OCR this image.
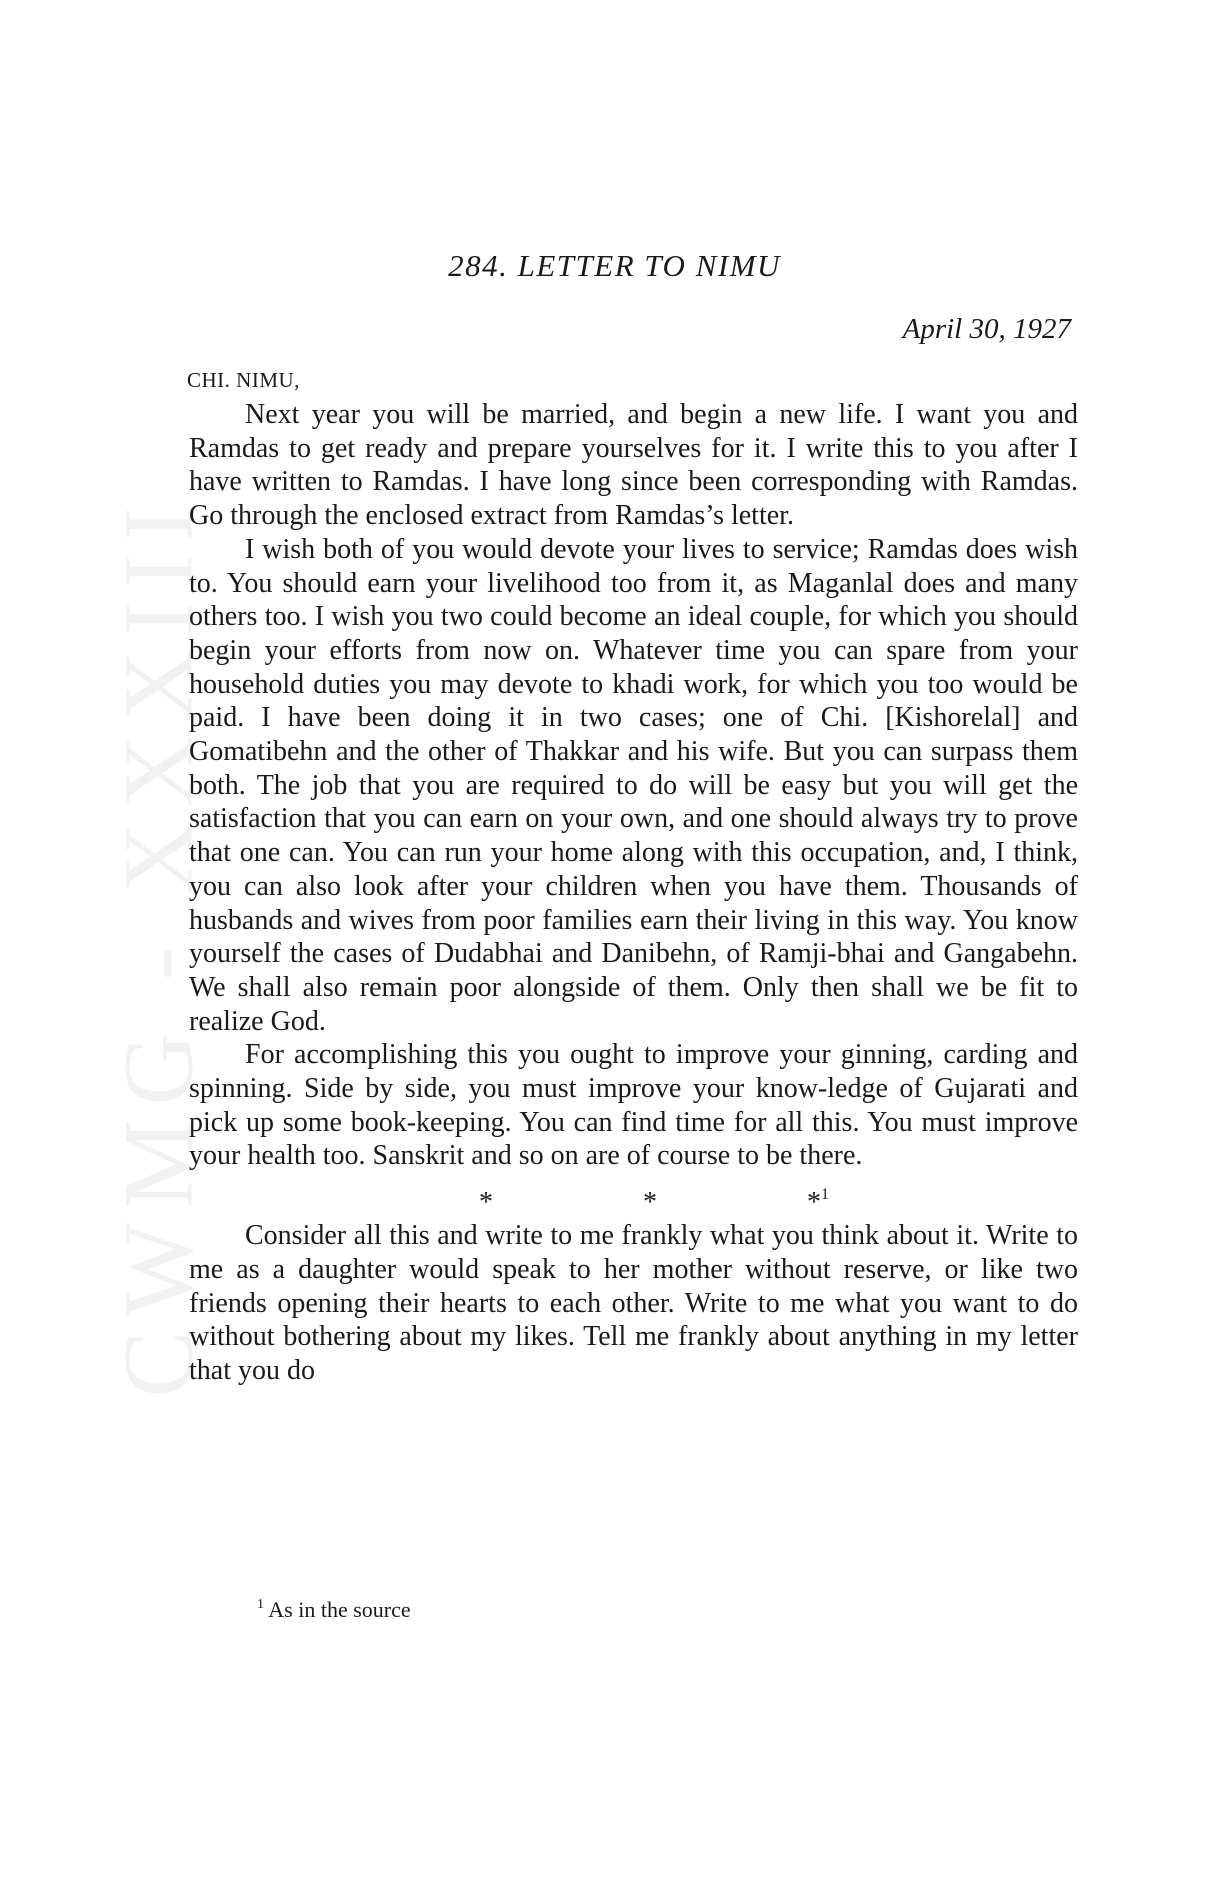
CWMG - XXXIII
284. LETTER TO NIMU
April 30, 1927
CHI. NIMU,

Next year you will be married, and begin a new life. I want you and Ramdas to get ready and prepare yourselves for it. I write this to you after I have written to Ramdas. I have long since been corresponding with Ramdas. Go through the enclosed extract from Ramdas’s letter.

I wish both of you would devote your lives to service; Ramdas does wish to. You should earn your livelihood too from it, as Maganlal does and many others too. I wish you two could become an ideal couple, for which you should begin your efforts from now on. Whatever time you can spare from your household duties you may devote to khadi work, for which you too would be paid. I have been doing it in two cases; one of Chi. [Kishorelal] and Gomatibehn and the other of Thakkar and his wife. But you can surpass them both. The job that you are required to do will be easy but you will get the satisfaction that you can earn on your own, and one should always try to prove that one can. You can run your home along with this occupation, and, I think, you can also look after your children when you have them. Thousands of husbands and wives from poor families earn their living in this way. You know yourself the cases of Dudabhai and Danibehn, of Ramji-bhai and Gangabehn. We shall also remain poor alongside of them. Only then shall we be fit to realize God.

For accomplishing this you ought to improve your ginning, carding and spinning. Side by side, you must improve your know-ledge of Gujarati and pick up some book-keeping. You can find time for all this. You must improve your health too. Sanskrit and so on are of course to be there.

*	*	*$^1$

Consider all this and write to me frankly what you think about it. Write to me as a daughter would speak to her mother without reserve, or like two friends opening their hearts to each other. Write to me what you want to do without bothering about my likes. Tell me frankly about anything in my letter that you do

$^1$ As in the source
